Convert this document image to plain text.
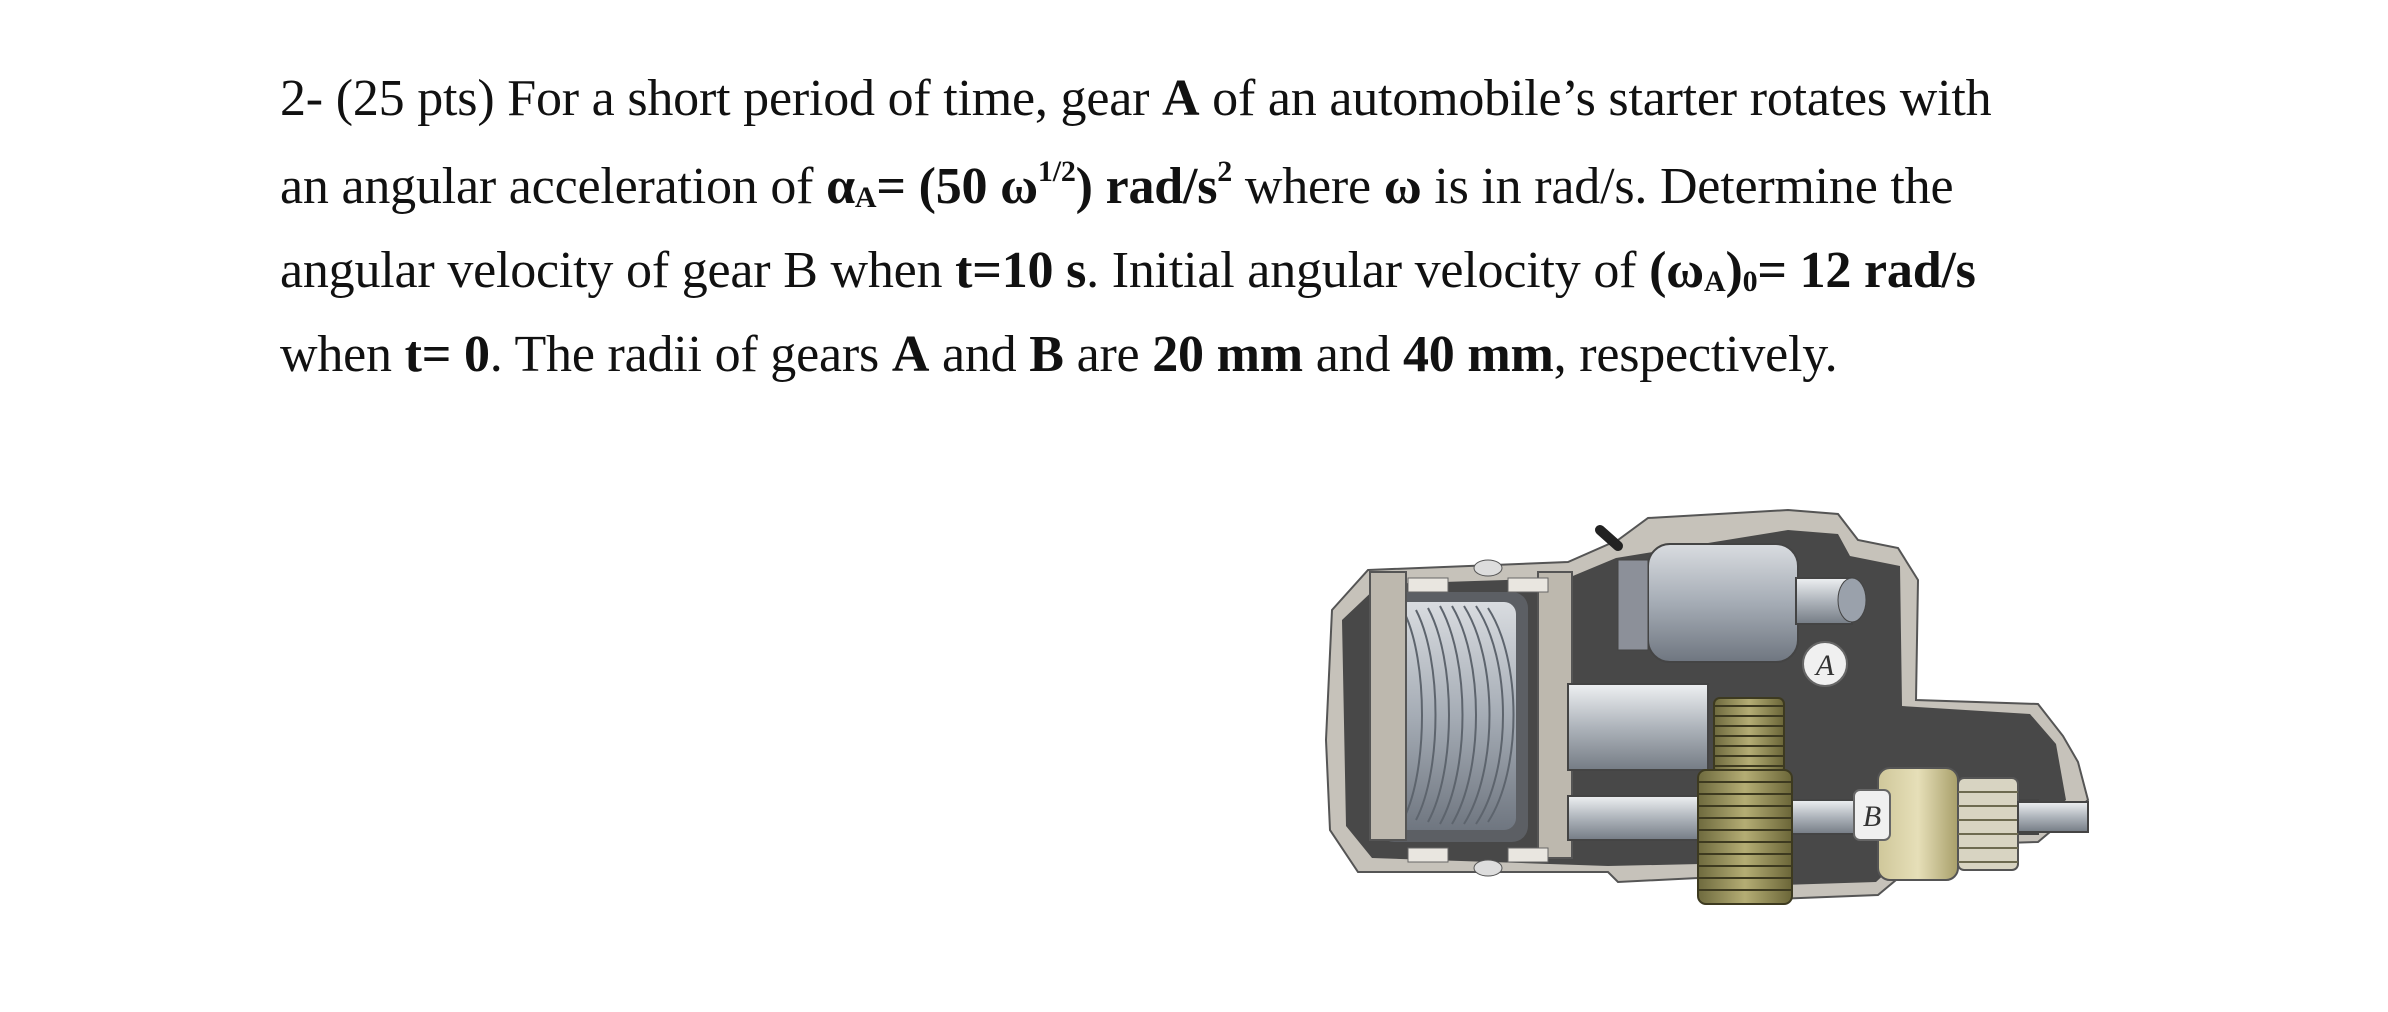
2- (25 pts) For a short period of time, gear A of an automobile’s starter rotates with
an angular acceleration of αA= (50 $\omega^{1/2}$) rad/$s^2$ where ω is in rad/s. Determine the
angular velocity of gear B when t=10 s. Initial angular velocity of (ωA)0= 12 rad/s
when t= 0. The radii of gears A and B are 20 mm and 40 mm, respectively.
A
B
